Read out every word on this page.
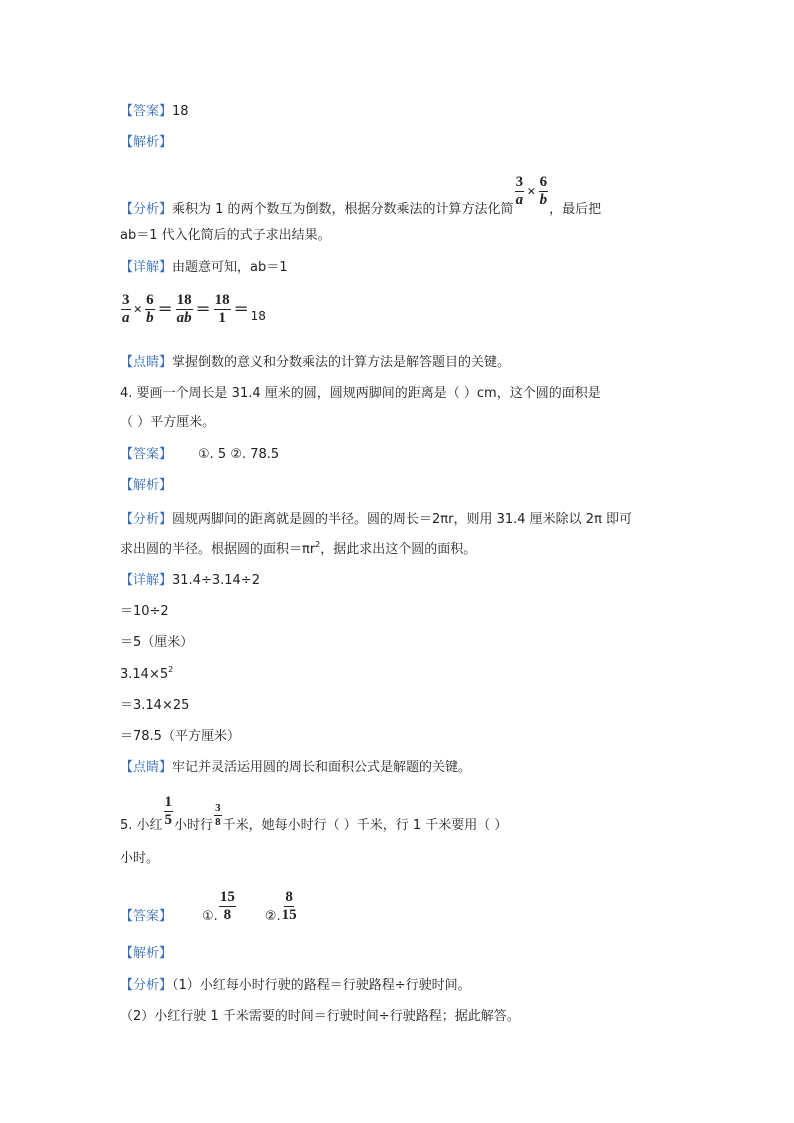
【答案】18
【解析】
【分析】 乘积为 1 的两个数互为倒数，根据分数乘法的计算方法化简
$\frac{3}{a} \times \frac{6}{b}$
，最后把
ab＝1 代入化简后的式子求出结果。
【详解】由题意可知，ab＝1
$\frac{3}{a} \times \frac{6}{b} = \frac{18}{ab} = \frac{18}{1} = 18$
【点睛】掌握倒数的意义和分数乘法的计算方法是解答题目的关键。
4. 要画一个周长是 31.4 厘米的圆，圆规两脚间的距离是（ ）cm，这个圆的面积是
（ ）平方厘米。
【答案】 ①. 5 ②. 78.5
【解析】
【分析】圆规两脚间的距离就是圆的半径。圆的周长＝2πr，则用 31.4 厘米除以 2π 即可
求出圆的半径。根据圆的面积$=\pi r^2$，据此求出这个圆的面积。
【详解】31.4÷3.14÷2
＝10÷2
＝5（厘米）
$3.14\times 5^2$
＝3.14×25
＝78.5（平方厘米）
【点睛】牢记并灵活运用圆的周长和面积公式是解题的关键。
5. 小红 $\frac{1}{5}$ 小时行 $\frac{3}{8}$ 千米，她每小时行（ ）千米，行 1 千米要用（ ）
小时。
【答案】 ①. $\frac{15}{8}$ ②. $\frac{8}{15}$
【解析】
【分析】（1）小红每小时行驶的路程＝行驶路程÷行驶时间。
（2）小红行驶 1 千米需要的时间＝行驶时间÷行驶路程；据此解答。
